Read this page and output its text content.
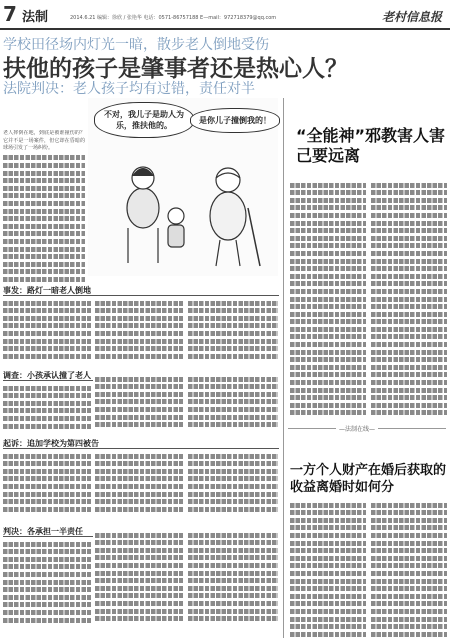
7 法制	2014.6.21 编辑：徐欣 / 张艳华 电话：0571-86757188 E—mail：972718379@qq.com	老村信息报
学校田径场内灯光一暗，散步老人倒地受伤
扶他的孩子是肇事者还是热心人？
法院判决：老人孩子均有过错，责任对半
不对，我儿子是助人为乐，推扶他的。
是你儿子撞倒我的！
老人摔倒在地，到底是被谁撞伤的？它并不是一场案件，但它却在昏暗的球场引发了一场纠纷。
事发：路灯一暗老人倒地
调查：小孩承认撞了老人
起诉：追加学校为第四被告
判决：各承担一半责任
“全能神”邪教害人害己要远离
—法制在线—
一方个人财产在婚后获取的收益离婚时如何分
